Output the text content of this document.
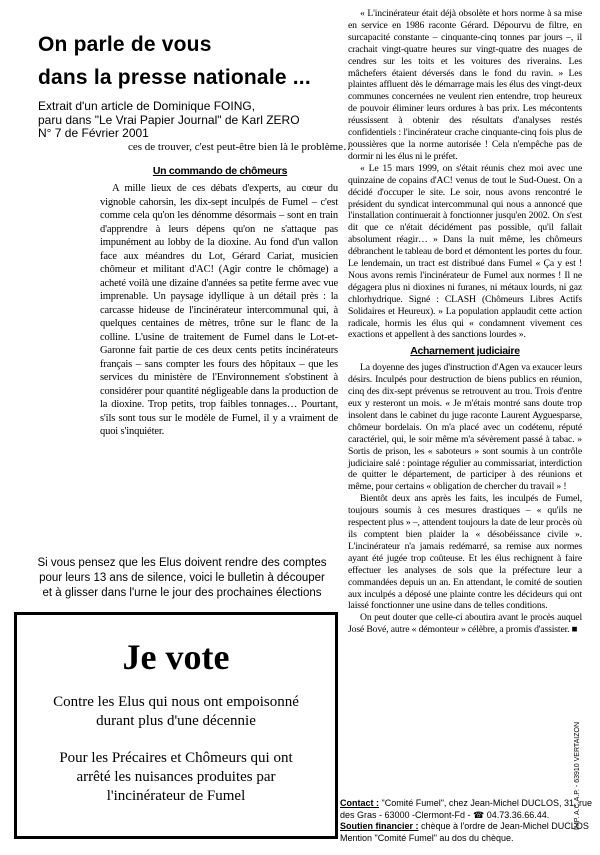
On parle de vous
dans la presse nationale ...
Extrait d'un article de Dominique FOING,
paru dans "Le Vrai Papier Journal" de Karl ZERO
N° 7 de Février 2001
ces de trouver, c'est peut-être bien là le problème…
Un commando de chômeurs

A mille lieux de ces débats d'experts, au cœur du vignoble cahorsin, les dix-sept inculpés de Fumel – c'est comme cela qu'on les dénomme désormais – sont en train d'apprendre à leurs dépens qu'on ne s'attaque pas impunément au lobby de la dioxine. Au fond d'un vallon face aux méandres du Lot, Gérard Cariat, musicien chômeur et militant d'AC! (Agir contre le chômage) a acheté voilà une dizaine d'années sa petite ferme avec vue imprenable. Un paysage idyllique à un détail près : la carcasse hideuse de l'incinérateur intercommunal qui, à quelques centaines de mètres, trône sur le flanc de la colline. L'usine de traitement de Fumel dans le Lot-et-Garonne fait partie de ces deux cents petits incinérateurs français – sans compter les fours des hôpitaux – que les services du ministère de l'Environnement s'obstinent à considérer pour quantité négligeable dans la production de la dioxine. Trop petits, trop faibles tonnages… Pourtant, s'ils sont tous sur le modèle de Fumel, il y a vraiment de quoi s'inquiéter.

« L'incinérateur était déjà obsolète et hors norme à sa mise en service en 1986 raconte Gérard. Dépourvu de filtre, en surcapacité constante – cinquante-cinq tonnes par jours –, il crachait vingt-quatre heures sur vingt-quatre des nuages de cendres sur les toits et les voitures des riverains. Les mâchefers étaient déversés dans le fond du ravin. » Les plaintes affluent dès le démarrage mais les élus des vingt-deux communes concernées ne veulent rien entendre, trop heureux de pouvoir éliminer leurs ordures à bas prix. Les mécontents réussissent à obtenir des résultats d'analyses restés confidentiels : l'incinérateur crache cinquante-cinq fois plus de poussières que la norme autorisée ! Cela n'empêche pas de dormir ni les élus ni le préfet.

« Le 15 mars 1999, on s'était réunis chez moi avec une quinzaine de copains d'AC! venus de tout le Sud-Ouest. On a décidé d'occuper le site. Le soir, nous avons rencontré le président du syndicat intercommunal qui nous a annoncé que l'installation continuerait à fonctionner jusqu'en 2002. On s'est dit que ce n'était décidément pas possible, qu'il fallait absolument réagir… » Dans la nuit même, les chômeurs débranchent le tableau de bord et démontent les portes du four. Le lendemain, un tract est distribué dans Fumel « Ça y est ! Nous avons remis l'incinérateur de Fumel aux normes ! Il ne dégagera plus ni dioxines ni furanes, ni métaux lourds, ni gaz chlorhydrique. Signé : CLASH (Chômeurs Libres Actifs Solidaires et Heureux). » La population applaudit cette action radicale, hormis les élus qui « condamnent vivement ces exactions et appellent à des sanctions lourdes ».

Acharnement judiciaire

La doyenne des juges d'instruction d'Agen va exaucer leurs désirs. Inculpés pour destruction de biens publics en réunion, cinq des dix-sept prévenus se retrouvent au trou. Trois d'entre eux y resteront un mois. « Je m'étais montré sans doute trop insolent dans le cabinet du juge raconte Laurent Ayguesparse, chômeur bordelais. On m'a placé avec un codétenu, réputé caractériel, qui, le soir même m'a sévèrement passé à tabac. » Sortis de prison, les « saboteurs » sont soumis à un contrôle judiciaire salé : pointage régulier au commissariat, interdiction de quitter le département, de participer à des réunions et même, pour certains « obligation de chercher du travail » !

Bientôt deux ans après les faits, les inculpés de Fumel, toujours soumis à ces mesures drastiques – « qu'ils ne respectent plus » –, attendent toujours la date de leur procès où ils comptent bien plaider la « désobéissance civile ». L'incinérateur n'a jamais redémarré, sa remise aux normes ayant été jugée trop coûteuse. Et les élus rechignent à faire effectuer les analyses de sols que la préfecture leur a commandées depuis un an. En attendant, le comité de soutien aux inculpés a déposé une plainte contre les décideurs qui ont laissé fonctionner une usine dans de telles conditions.

On peut douter que celle-ci aboutira avant le procès auquel José Bové, autre « démonteur » célèbre, a promis d'assister. ■

Si vous pensez que les Elus doivent rendre des comptes
pour leurs 13 ans de silence, voici le bulletin à découper
et à glisser dans l'urne le jour des prochaines élections
Je vote
Contre les Elus qui nous ont empoisonné
durant plus d'une décennie
Pour les Précaires et Chômeurs qui ont
arrêté les nuisances produites par
l'incinérateur de Fumel	IMP. A.C.A.P. - 63910 VERTAIZON
Contact : "Comité Fumel", chez Jean-Michel DUCLOS, 31, rue des Gras - 63000 -Clermont-Fd - ☎ 04.73.36.66.44.
Soutien financier : chèque à l'ordre de Jean-Michel DUCLOS Mention "Comité Fumel" au dos du chèque.
